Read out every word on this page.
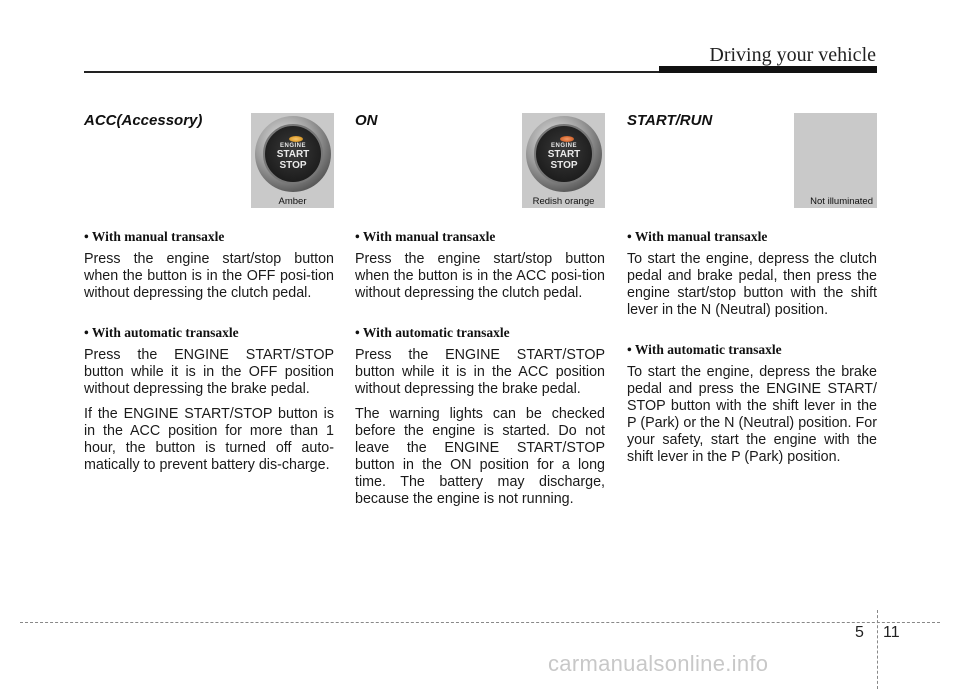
Driving your vehicle
ACC(Accessory)
ENGINE
START
STOP
Amber
• With manual transaxle

Press the engine start/stop button when the button is in the OFF posi-tion without depressing the clutch pedal.

• With automatic transaxle

Press the ENGINE START/STOP button while it is in the OFF position without depressing the brake pedal.

If the ENGINE START/STOP button is in the ACC position for more than 1 hour, the button is turned off auto-matically to prevent battery dis-charge.

ON
ENGINE
START
STOP
Redish orange
• With manual transaxle

Press the engine start/stop button when the button is in the ACC posi-tion without depressing the clutch pedal.

• With automatic transaxle

Press the ENGINE START/STOP button while it is in the ACC position without depressing the brake pedal.

The warning lights can be checked before the engine is started. Do not leave the ENGINE START/STOP button in the ON position for a long time. The battery may discharge, because the engine is not running.

START/RUN
Not illuminated
• With manual transaxle

To start the engine, depress the clutch pedal and brake pedal, then press the engine start/stop button with the shift lever in the N (Neutral) position.

• With automatic transaxle

To start the engine, depress the brake pedal and press the ENGINE START/ STOP button with the shift lever in the P (Park) or the N (Neutral) position. For your safety, start the engine with the shift lever in the P (Park) position.

5 11
carmanualsonline.info
